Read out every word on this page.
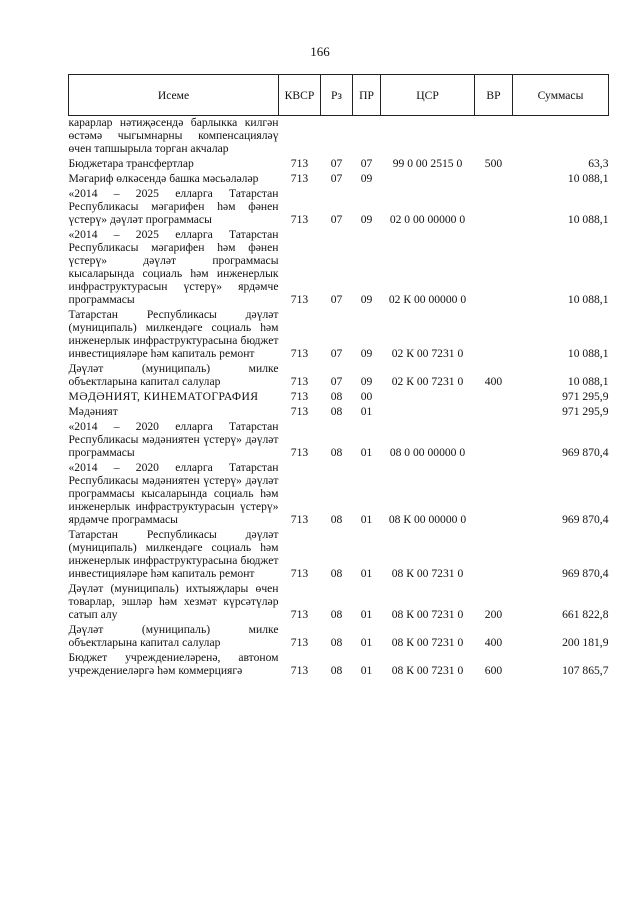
166
Исеме	КВСР	Рз	ПР	ЦСР	ВР	Суммасы
карарлар нәтиҗәсендә барлыкка килгән өстәмә чыгымнарны компенсацияләү өчен тапшырыла торган акчалар						
Бюджетара трансфертлар	713	07	07	99 0 00 2515 0	500	63,3
Мәгариф өлкәсендә башка мәсьәләләр	713	07	09			10 088,1
«2014 – 2025 елларга Татарстан Республикасы мәгарифен һәм фәнен үстерү» дәүләт программасы	713	07	09	02 0 00 00000 0		10 088,1
«2014 – 2025 елларга Татарстан Республикасы мәгарифен һәм фәнен үстерү» дәүләт программасы кысаларында социаль һәм инженерлык инфраструктурасын үстерү» ярдәмче программасы	713	07	09	02 К 00 00000 0		10 088,1
Татарстан Республикасы дәүләт (муниципаль) милкендәге социаль һәм инженерлык инфраструктурасына бюджет инвестицияләре һәм капиталь ремонт	713	07	09	02 К 00 7231 0		10 088,1
Дәүләт (муниципаль) милке объектларына капитал салулар	713	07	09	02 К 00 7231 0	400	10 088,1
МӘДӘНИЯТ, КИНЕМАТОГРАФИЯ	713	08	00			971 295,9
Мәдәният	713	08	01			971 295,9
«2014 – 2020 елларга Татарстан Республикасы мәдәниятен үстерү» дәүләт программасы	713	08	01	08 0 00 00000 0		969 870,4
«2014 – 2020 елларга Татарстан Республикасы мәдәниятен үстерү» дәүләт программасы кысаларында социаль һәм инженерлык инфраструктурасын үстерү» ярдәмче программасы	713	08	01	08 К 00 00000 0		969 870,4
Татарстан Республикасы дәүләт (муниципаль) милкендәге социаль һәм инженерлык инфраструктурасына бюджет инвестицияләре һәм капиталь ремонт	713	08	01	08 К 00 7231 0		969 870,4
Дәүләт (муниципаль) ихтыяҗлары өчен товарлар, эшләр һәм хезмәт күрсәтүләр сатып алу	713	08	01	08 К 00 7231 0	200	661 822,8
Дәүләт (муниципаль) милке объектларына капитал салулар	713	08	01	08 К 00 7231 0	400	200 181,9
Бюджет учреждениеләренә, автоном учреждениеләргә һәм коммерциягә	713	08	01	08 К 00 7231 0	600	107 865,7
